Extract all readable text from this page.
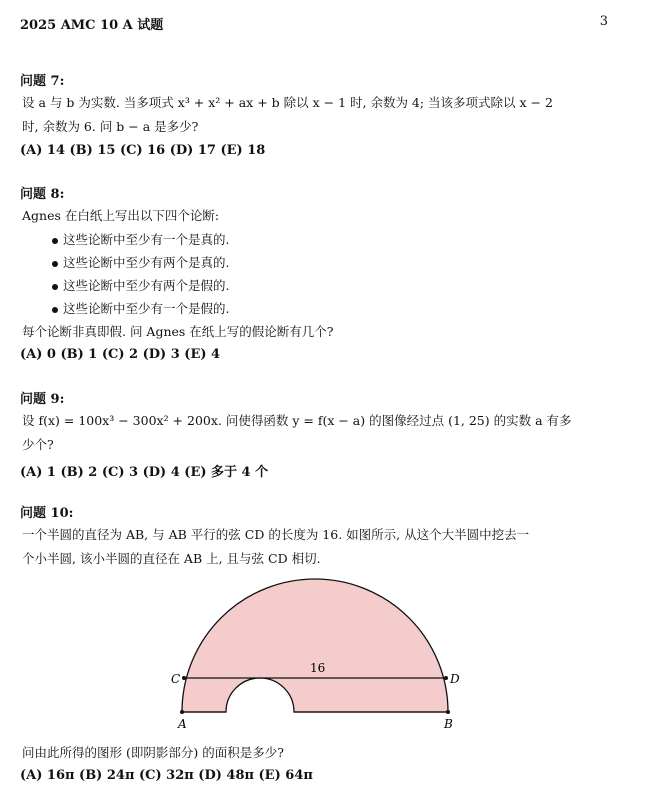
2025 AMC 10 A 试题	3
问题 7:
设 a 与 b 为实数. 当多项式 x³ + x² + ax + b 除以 x − 1 时, 余数为 4; 当该多项式除以 x − 2
时, 余数为 6. 问 b − a 是多少?
(A) 14 (B) 15 (C) 16 (D) 17 (E) 18
问题 8:
Agnes 在白纸上写出以下四个论断:
这些论断中至少有一个是真的.
这些论断中至少有两个是真的.
这些论断中至少有两个是假的.
这些论断中至少有一个是假的.
每个论断非真即假. 问 Agnes 在纸上写的假论断有几个?
(A) 0 (B) 1 (C) 2 (D) 3 (E) 4
问题 9:
设 f(x) = 100x³ − 300x² + 200x. 问使得函数 y = f(x − a) 的图像经过点 (1, 25) 的实数 a 有多
少个?
(A) 1 (B) 2 (C) 3 (D) 4 (E) 多于 4 个
问题 10:
一个半圆的直径为 AB, 与 AB 平行的弦 CD 的长度为 16. 如图所示, 从这个大半圆中挖去一
个小半圆, 该小半圆的直径在 AB 上, 且与弦 CD 相切.
16
A	B
C	D
问由此所得的图形 (即阴影部分) 的面积是多少?
(A) 16π (B) 24π (C) 32π (D) 48π (E) 64π
